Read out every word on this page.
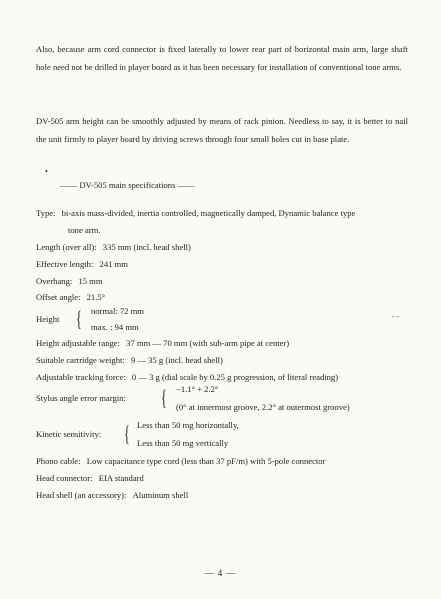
Also, because arm cord connector is fixed laterally to lower rear part of horizontal main arm, large shaft hole need not be drilled in player board as it has been necessary for installation of conventional tone arms.

DV-505 arm height can be smoothly adjusted by means of rack pinion. Needless to say, it is better to nail the unit firmly to player board by driving screws through four small holes cut in base plate.

•
—— DV-505 main specifications ——
Type: bi-axis mass-divided, inertia controlled, magnetically damped, Dynamic balance type
tone arm.
Length (over all): 335 mm (incl. head shell)
Effective length: 241 mm
Overhang: 15 mm
Offset angle: 21.5°
Height { normal: 72 mm
max. : 94 mm
- -
Height adjustable range: 37 mm — 70 mm (with sub-arm pipe at center)
Suitable cartridge weight: 9 — 35 g (incl. head shell)
Adjustable tracking force: 0 — 3 g (dial scale by 0.25 g progression, of literal reading)
Stylus angle error margin: { −1.1° + 2.2°
(0° at innermost groove, 2.2° at outermost groove)
Kinetic sensitivity: { Less than 50 mg horizontally,
Less than 50 mg vertically
Phono cable: Low capacitance type cord (less than 37 pF/m) with 5-pole connector
Head connector: EIA standard
Head shell (an accessory): Aluminum shell
— 4 —
